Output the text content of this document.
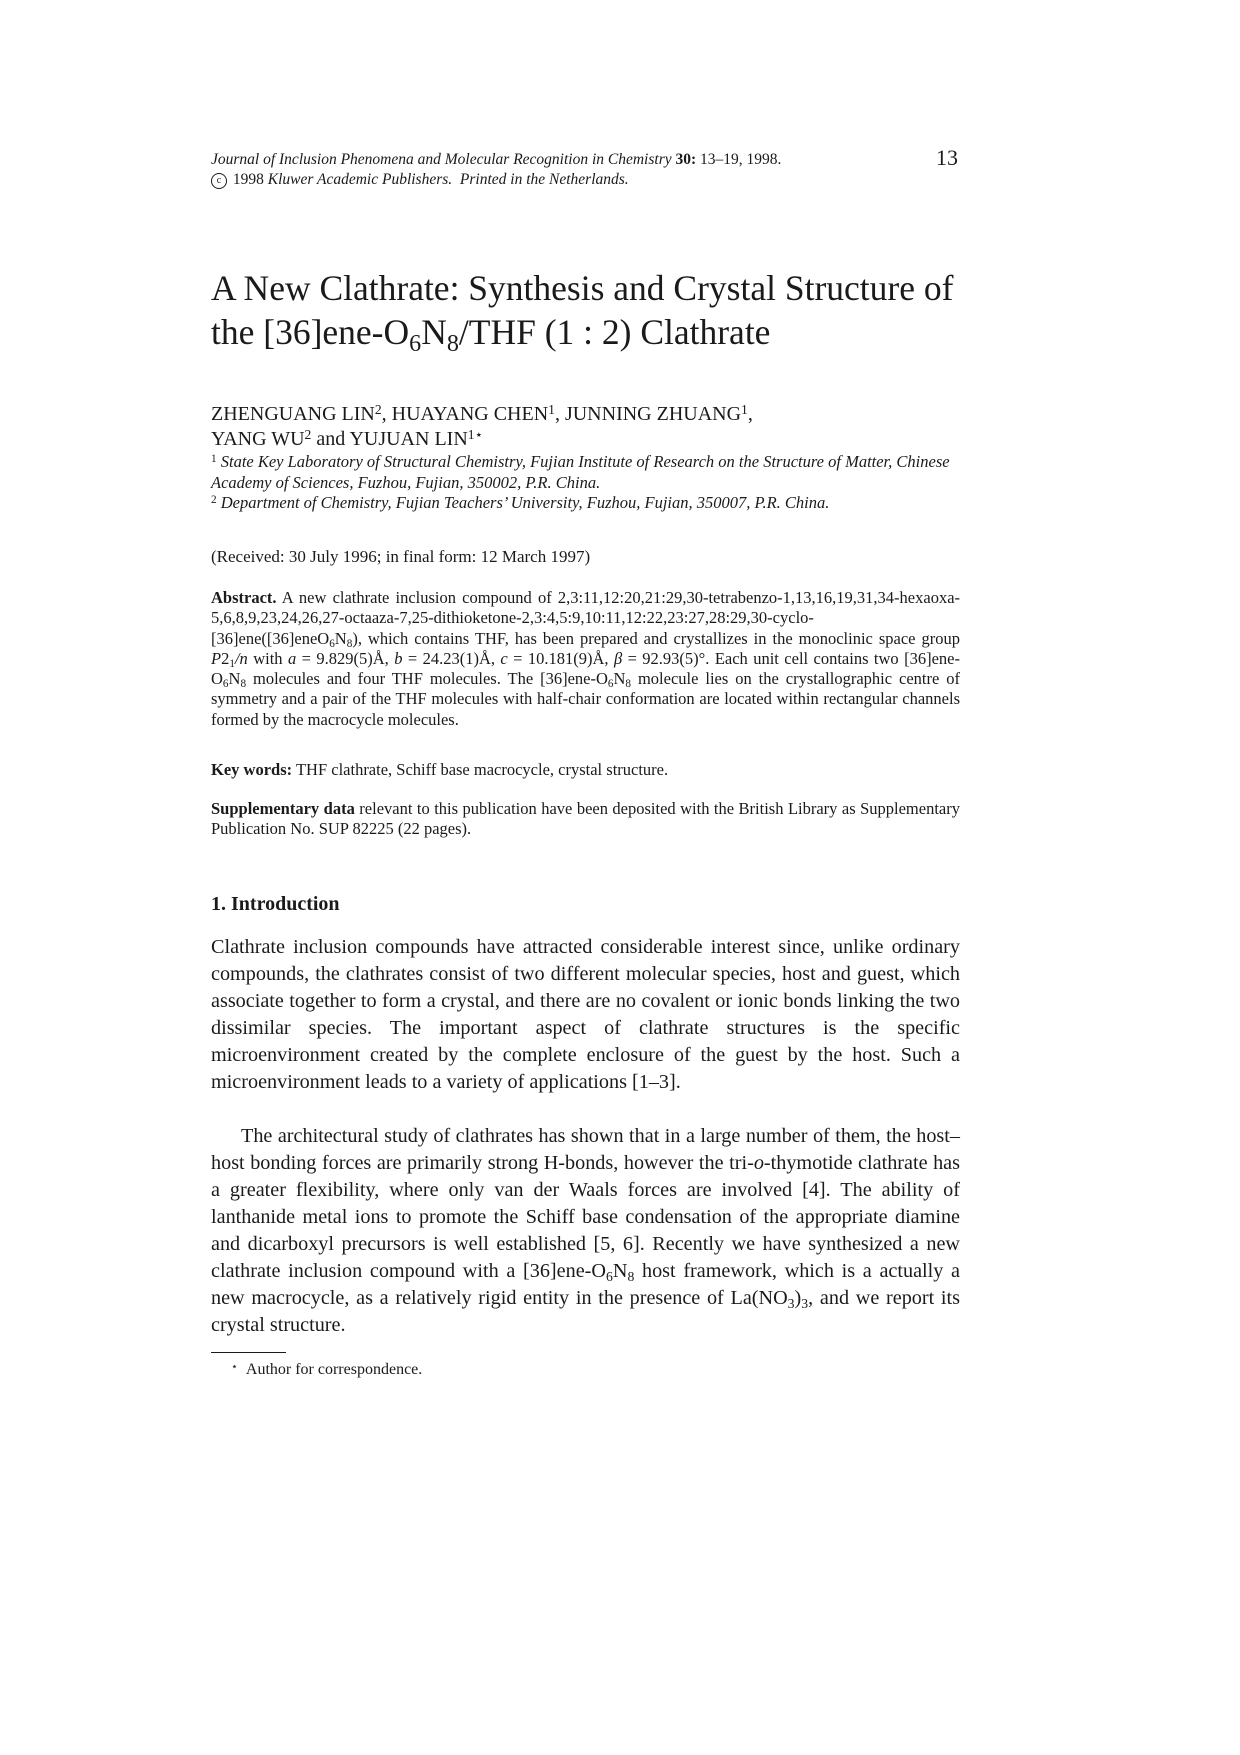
Journal of Inclusion Phenomena and Molecular Recognition in Chemistry 30: 13–19, 1998.	13
c 1998 Kluwer Academic Publishers. Printed in the Netherlands.
A New Clathrate: Synthesis and Crystal Structure of
the $[36]ene-O_6N_8$/THF (1 : 2) Clathrate
ZHENGUANG LIN$^2$, HUAYANG CHEN$^1$, JUNNING ZHUANG$^1$,
YANG $WU^2$ and YUJUAN $LIN^{1⋆}$
$^1$ State Key Laboratory of Structural Chemistry, Fujian Institute of Research on the Structure of Matter, Chinese Academy of Sciences, Fuzhou, Fujian, 350002, P.R. China.
$^2$ Department of Chemistry, Fujian Teachers’ University, Fuzhou, Fujian, 350007, P.R. China.
(Received: 30 July 1996; in final form: 12 March 1997)
Abstract. A new clathrate inclusion compound of 2,3:11,12:20,21:29,30-tetrabenzo-1,13,16,19,31,34-hexaoxa-5,6,8,9,23,24,26,27-octaaza-7,25-dithioketone-2,3:4,5:9,10:11,$12:22,23:27,28:29,30-cyclo-[36]ene([36]eneO_6N_8)$, which contains THF, has been prepared and crystallizes in the monoclinic space group $P2_1/n$ with a = 9.829(5)Å, b = 24.23(1)Å, c = 10.181(9)Å, β = 92.93(5)°. Each unit cell contains two $[36]ene-O_6N_8$ molecules and four THF molecules. The $[36]ene-O_6N_8$ molecule lies on the crystallographic centre of symmetry and a pair of the THF molecules with half-chair conformation are located within rectangular channels formed by the macrocycle molecules.
Key words: THF clathrate, Schiff base macrocycle, crystal structure.
Supplementary data relevant to this publication have been deposited with the British Library as Supplementary Publication No. SUP 82225 (22 pages).
1. Introduction
Clathrate inclusion compounds have attracted considerable interest since, unlike ordinary compounds, the clathrates consist of two different molecular species, host and guest, which associate together to form a crystal, and there are no covalent or ionic bonds linking the two dissimilar species. The important aspect of clathrate structures is the specific microenvironment created by the complete enclosure of the guest by the host. Such a microenvironment leads to a variety of applications [1–3].
The architectural study of clathrates has shown that in a large number of them, the host–host bonding forces are primarily strong H-bonds, however the tri-o-thymotide clathrate has a greater flexibility, where only van der Waals forces are involved [4]. The ability of lanthanide metal ions to promote the Schiff base condensation of the appropriate diamine and dicarboxyl precursors is well established [5, 6]. Recently we have synthesized a new clathrate inclusion compound with a $[36]ene-O_6N_8$ host framework, which is a actually a new macrocycle, as a relatively rigid entity in the presence of $La(NO_3)_3$, and we report its crystal structure.
⋆ Author for correspondence.
